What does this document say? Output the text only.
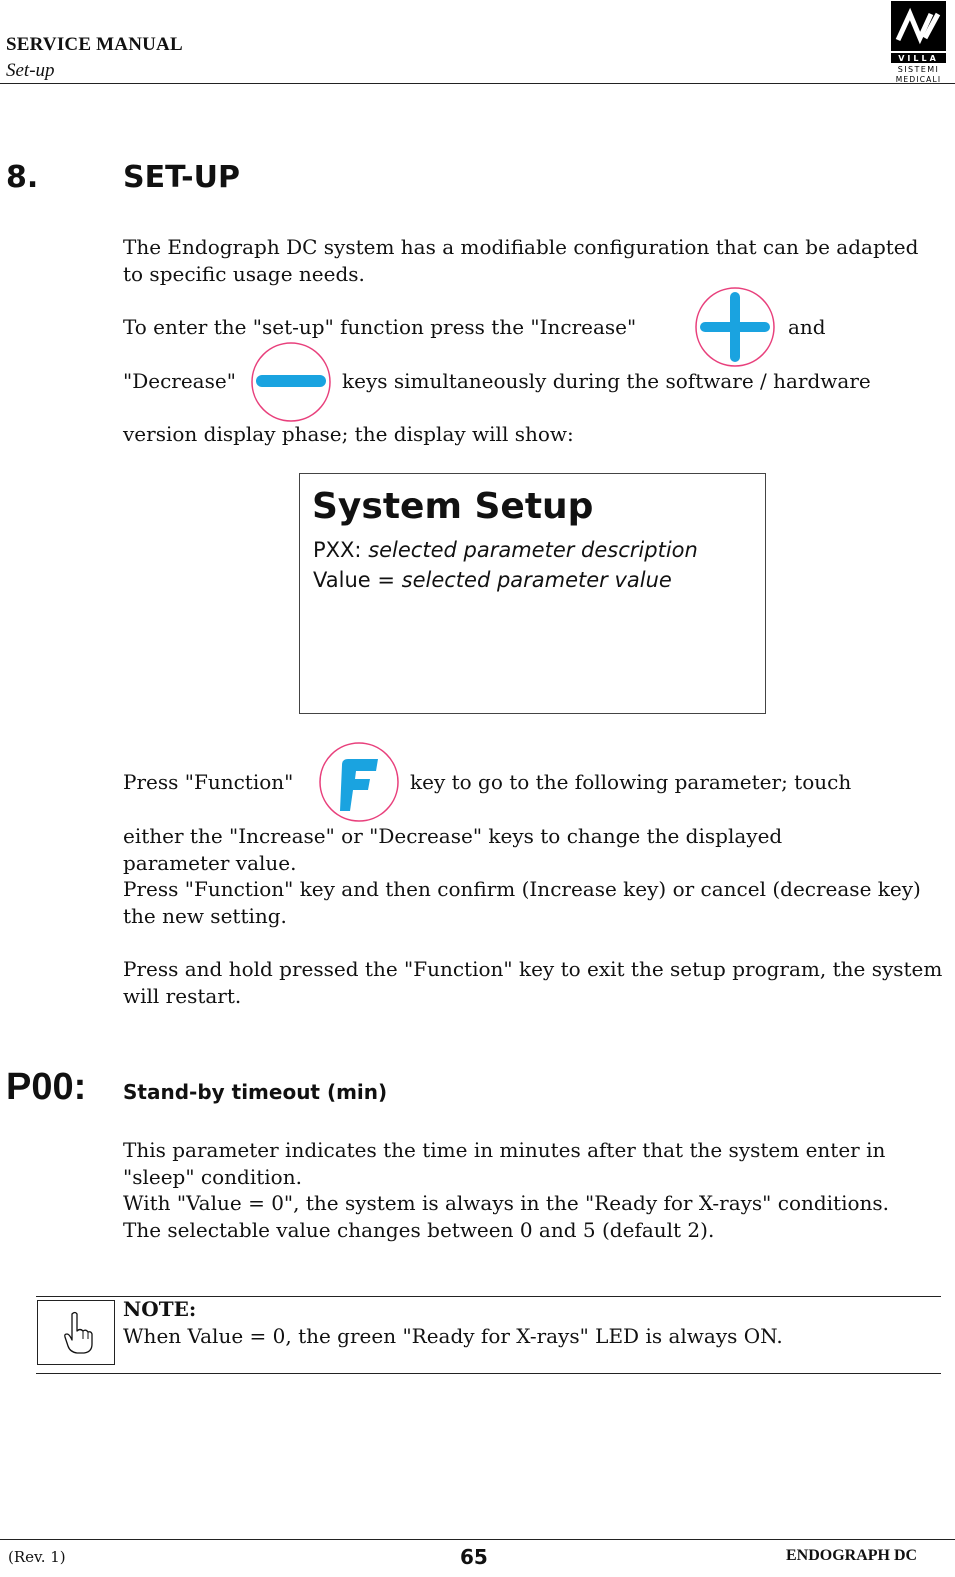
SERVICE MANUAL
Set-up
VILLA
SISTEMI
MEDICALI
8.	SET-UP
The Endograph DC system has a modifiable configuration that can be adapted to specific usage needs.
To enter the "set-up" function press the "Increase"	and
"Decrease"	keys simultaneously during the software / hardware
version display phase; the display will show:
System Setup
PXX: selected parameter description
Value = selected parameter value
Press "Function"	key to go to the following parameter; touch
either the "Increase" or "Decrease" keys to change the displayed parameter value.
Press "Function" key and then confirm (Increase key) or cancel (decrease key) the new setting.
Press and hold pressed the "Function" key to exit the setup program, the system will restart.
P00: Stand-by timeout (min)
This parameter indicates the time in minutes after that the system enter in "sleep" condition.
With "Value = 0", the system is always in the "Ready for X-rays" conditions. The selectable value changes between 0 and 5 (default 2).
NOTE:
When Value = 0, the green "Ready for X-rays" LED is always ON.
(Rev. 1)	65	ENDOGRAPH DC
